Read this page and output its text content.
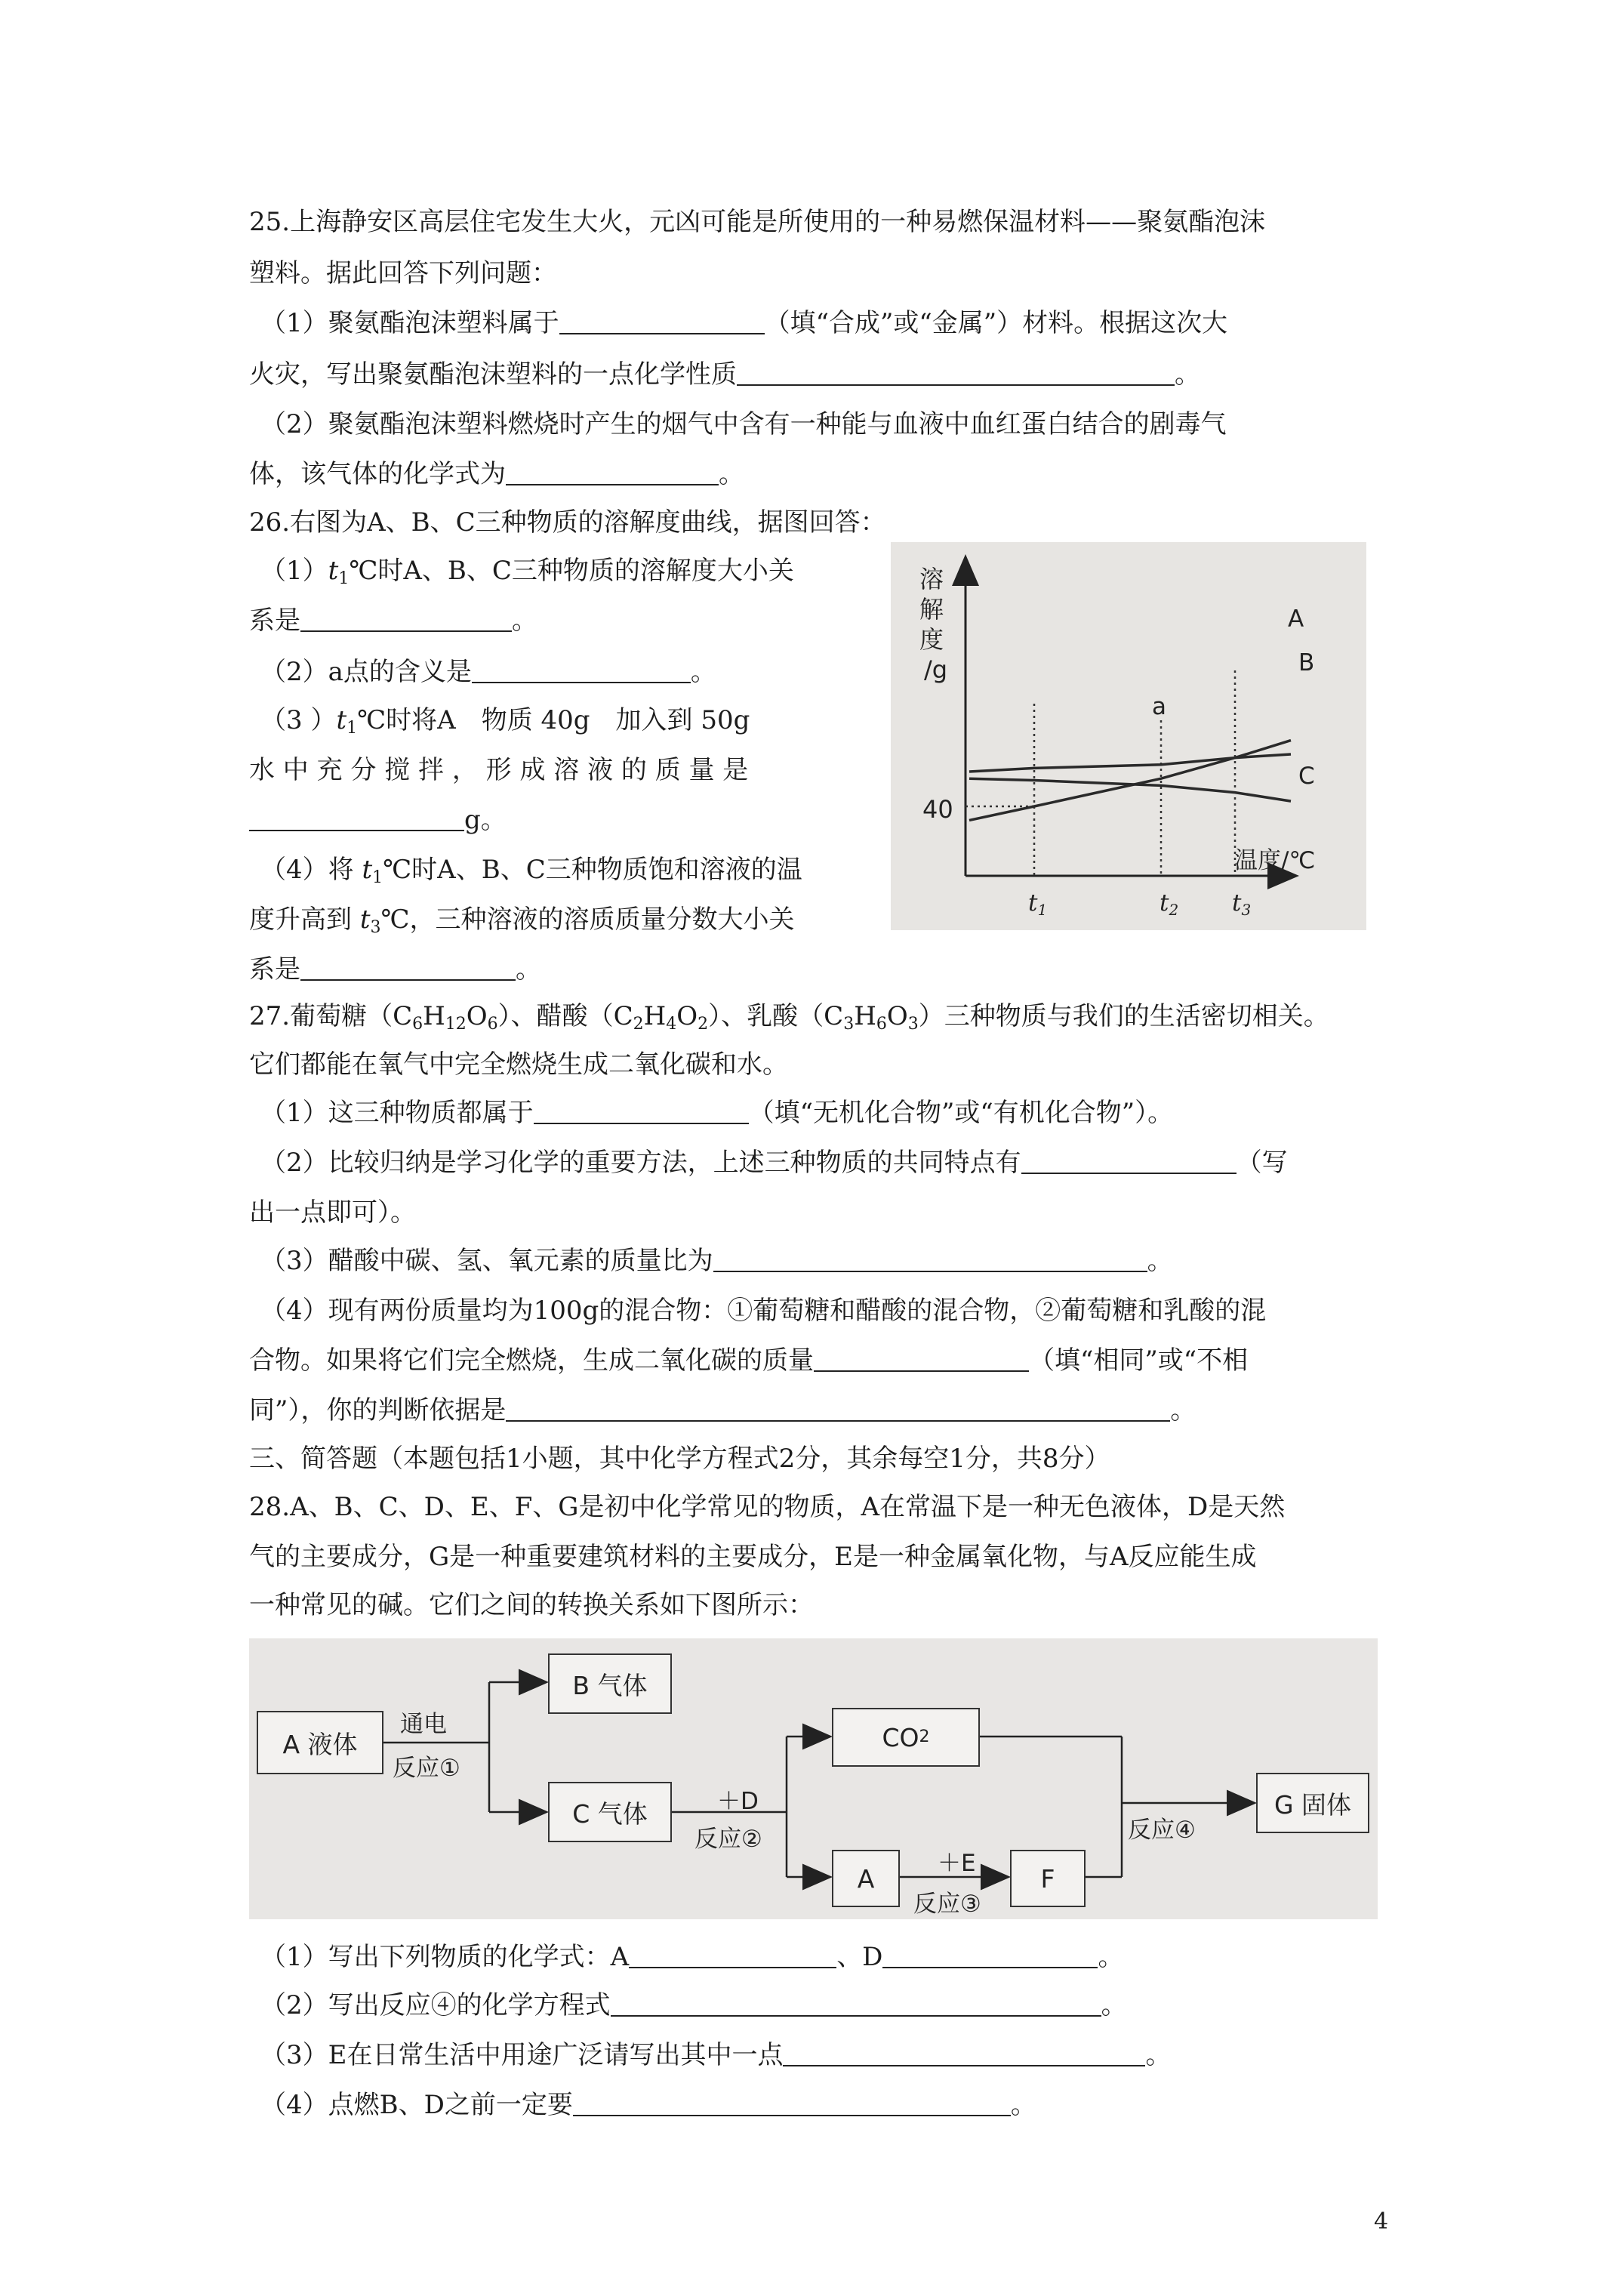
25.上海静安区高层住宅发生大火，元凶可能是所使用的一种易燃保温材料——聚氨酯泡沫

塑料。据此回答下列问题：

（1）聚氨酯泡沫塑料属于	（填“合成”或“金属”）材料。根据这次大

火灾，写出聚氨酯泡沫塑料的一点化学性质	。

（2）聚氨酯泡沫塑料燃烧时产生的烟气中含有一种能与血液中血红蛋白结合的剧毒气

体，该气体的化学式为	。

26.右图为A、B、C三种物质的溶解度曲线，据图回答：

$(1)t_1℃$时A、B、C三种物质的溶解度大小关

系是	。

（2）a点的含义是	。

（3 ）$t_1℃$时将A　物质 40g　加入到 50g

水 中 充 分 搅 拌 ， 形 成 溶 液 的 质 量 是

g。

（4）将 $t_1℃$时A、B、C三种物质饱和溶液的温

度升高到 $t_3℃$，三种溶液的溶质质量分数大小关

系是	。

溶
解
度
/g
40
温度/℃
t1	t2 t3
A
B
C
a

27.葡萄糖$(C_6H_{12}O_6)$、醋酸$(C_2H_4O_2)$、乳酸$(C_3H_6O_3)$三种物质与我们的生活密切相关。

它们都能在氧气中完全燃烧生成二氧化碳和水。

（1）这三种物质都属于	（填“无机化合物”或“有机化合物”）。

（2）比较归纳是学习化学的重要方法，上述三种物质的共同特点有	（写

出一点即可）。

（3）醋酸中碳、氢、氧元素的质量比为	。

（4）现有两份质量均为100g的混合物：①葡萄糖和醋酸的混合物，②葡萄糖和乳酸的混

合物。如果将它们完全燃烧，生成二氧化碳的质量	（填“相同”或“不相

同”），你的判断依据是	。

三、简答题（本题包括1小题，其中化学方程式2分，其余每空1分，共8分）

28.A、B、C、D、E、F、G是初中化学常见的物质，A在常温下是一种无色液体，D是天然

气的主要成分，G是一种重要建筑材料的主要成分，E是一种金属氧化物，与A反应能生成

一种常见的碱。它们之间的转换关系如下图所示：

A 液体
B 气体
C 气体
CO 2
A	F
G 固体
通电
反应①
＋D
反应②
＋E
反应③
反应④

（1）写出下列物质的化学式：A	、D	。

（2）写出反应④的化学方程式	。

（3）E在日常生活中用途广泛请写出其中一点	。

（4）点燃B、D之前一定要	。

4
